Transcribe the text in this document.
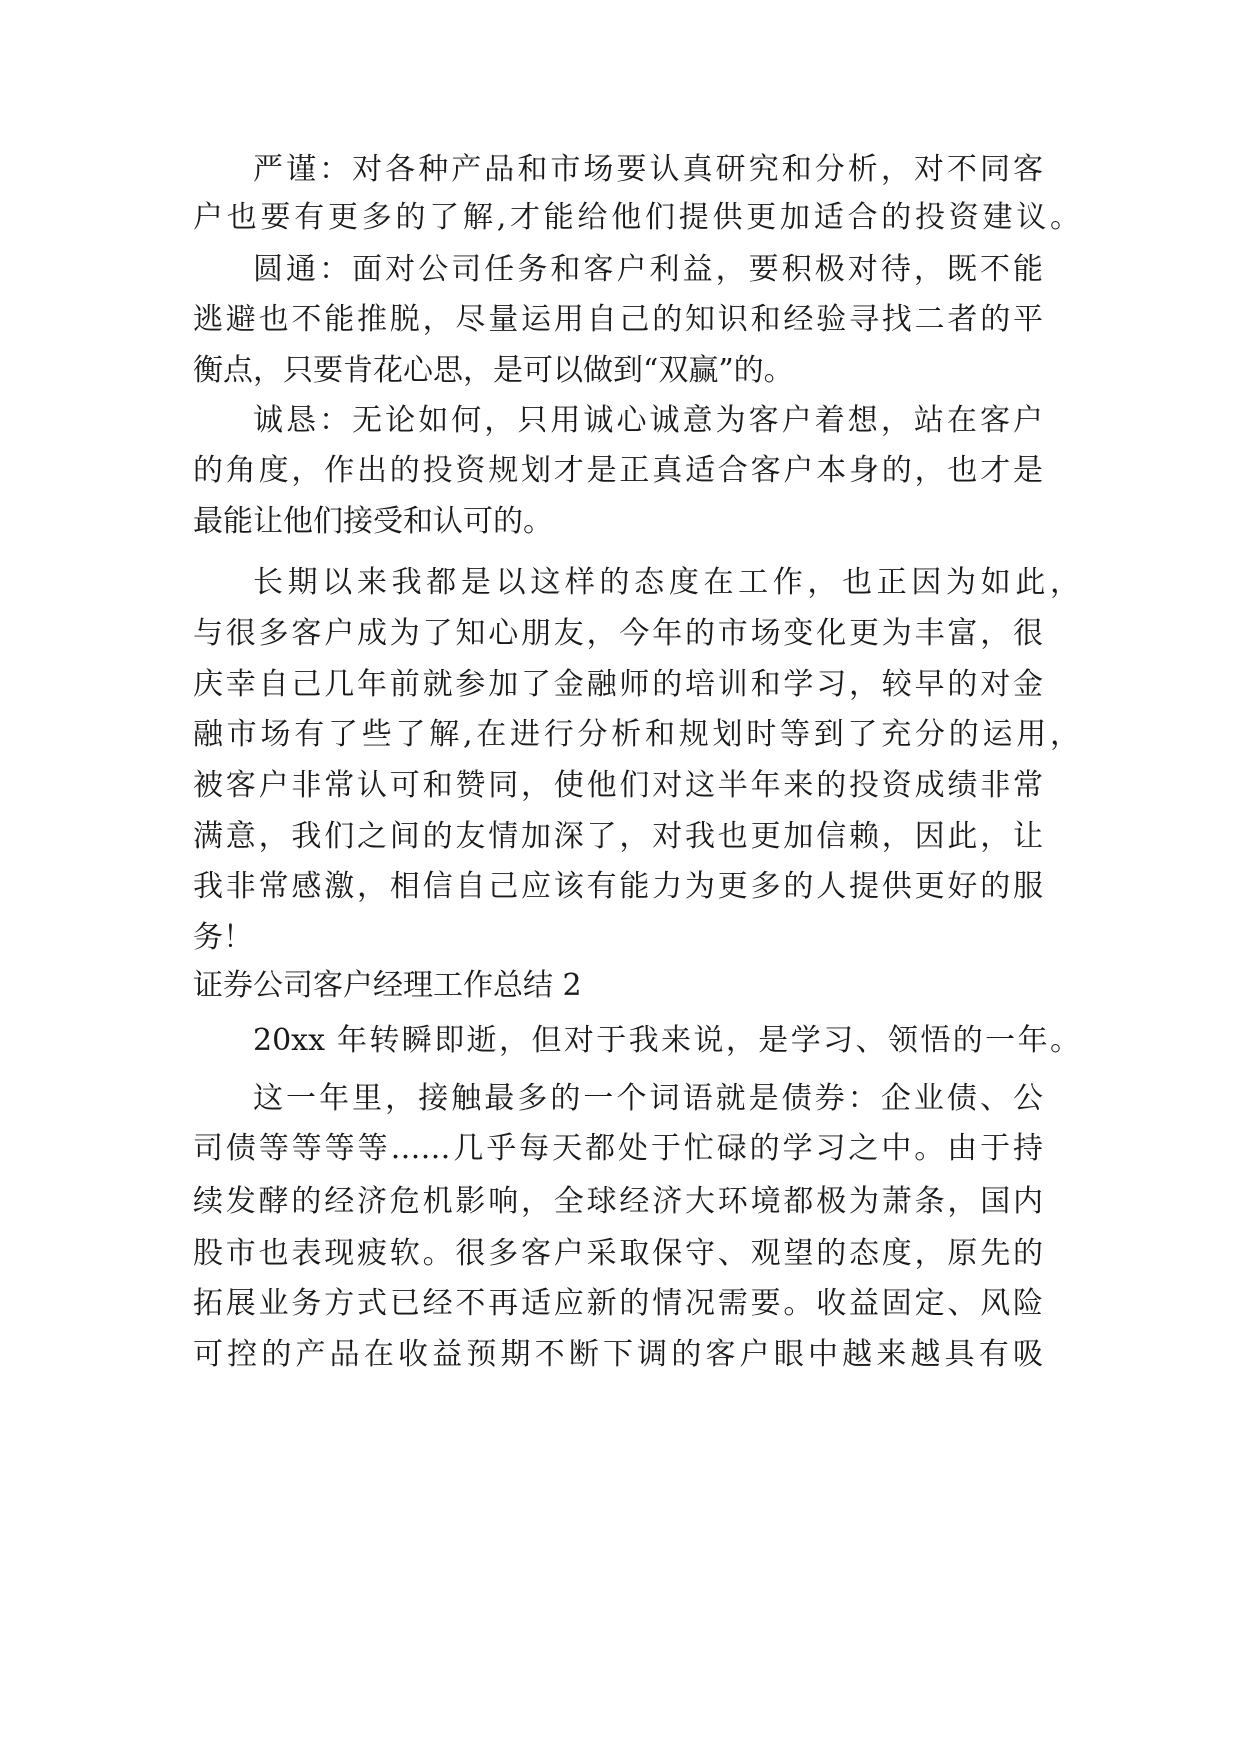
严谨：对各种产品和市场要认真研究和分析，对不同客
户也要有更多的了解,才能给他们提供更加适合的投资建议。
圆通：面对公司任务和客户利益，要积极对待，既不能
逃避也不能推脱，尽量运用自己的知识和经验寻找二者的平
衡点，只要肯花心思，是可以做到“双赢”的。
诚恳：无论如何，只用诚心诚意为客户着想，站在客户
的角度，作出的投资规划才是正真适合客户本身的，也才是
最能让他们接受和认可的。
长期以来我都是以这样的态度在工作，也正因为如此，
与很多客户成为了知心朋友，今年的市场变化更为丰富，很
庆幸自己几年前就参加了金融师的培训和学习，较早的对金
融市场有了些了解,在进行分析和规划时等到了充分的运用，
被客户非常认可和赞同，使他们对这半年来的投资成绩非常
满意，我们之间的友情加深了，对我也更加信赖，因此，让
我非常感激，相信自己应该有能力为更多的人提供更好的服
务！
证券公司客户经理工作总结 2
20xx 年转瞬即逝，但对于我来说，是学习、领悟的一年。
这一年里，接触最多的一个词语就是债券：企业债、公
司债等等等等……几乎每天都处于忙碌的学习之中。由于持
续发酵的经济危机影响，全球经济大环境都极为萧条，国内
股市也表现疲软。很多客户采取保守、观望的态度，原先的
拓展业务方式已经不再适应新的情况需要。收益固定、风险
可控的产品在收益预期不断下调的客户眼中越来越具有吸
